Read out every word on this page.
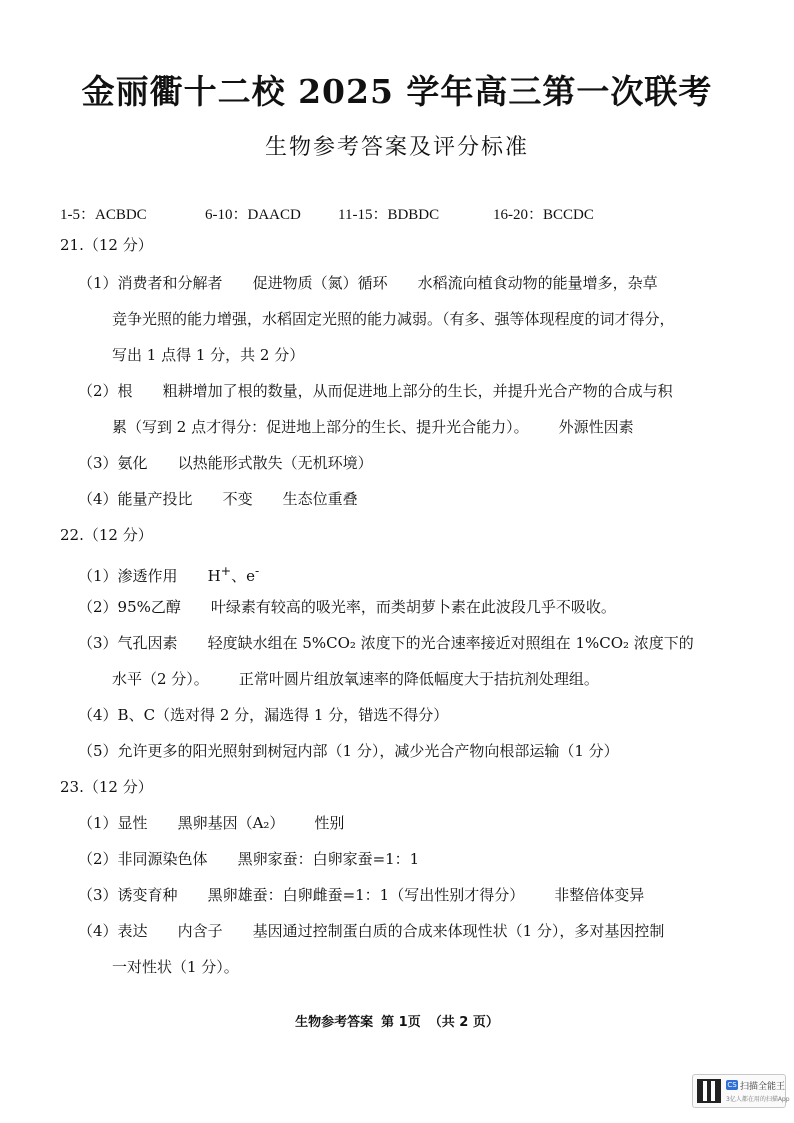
金丽衢十二校 2025 学年高三第一次联考
生物参考答案及评分标准
1-5：ACBDC	6-10：DAACD 11-15：BDBDC	16-20：BCCDC
21.（12 分）
（1）消费者和分解者 促进物质（氮）循环 水稻流向植食动物的能量增多，杂草
竞争光照的能力增强，水稻固定光照的能力减弱。（有多、强等体现程度的词才得分，
写出 1 点得 1 分，共 2 分）
（2）根 粗耕增加了根的数量，从而促进地上部分的生长，并提升光合产物的合成与积
累（写到 2 点才得分：促进地上部分的生长、提升光合能力）。 外源性因素
（3）氨化 以热能形式散失（无机环境）
（4）能量产投比 不变 生态位重叠
22.（12 分）
（1）渗透作用 H+、e-
（2）95%乙醇 叶绿素有较高的吸光率，而类胡萝卜素在此波段几乎不吸收。
（3）气孔因素 轻度缺水组在 5%CO₂ 浓度下的光合速率接近对照组在 1%CO₂ 浓度下的
水平（2 分）。 正常叶圆片组放氧速率的降低幅度大于拮抗剂处理组。
（4）B、C（选对得 2 分，漏选得 1 分，错选不得分）
（5）允许更多的阳光照射到树冠内部（1 分），减少光合产物向根部运输（1 分）
23.（12 分）
（1）显性 黑卵基因（A₂） 性别
（2）非同源染色体 黑卵家蚕：白卵家蚕=1：1
（3）诱变育种 黑卵雄蚕：白卵雌蚕=1：1（写出性别才得分） 非整倍体变异
（4）表达 内含子 基因通过控制蛋白质的合成来体现性状（1 分），多对基因控制
一对性状（1 分）。
生物参考答案 第 1页 （共 2 页）
CS 扫描全能王
3亿人都在用的扫描App
